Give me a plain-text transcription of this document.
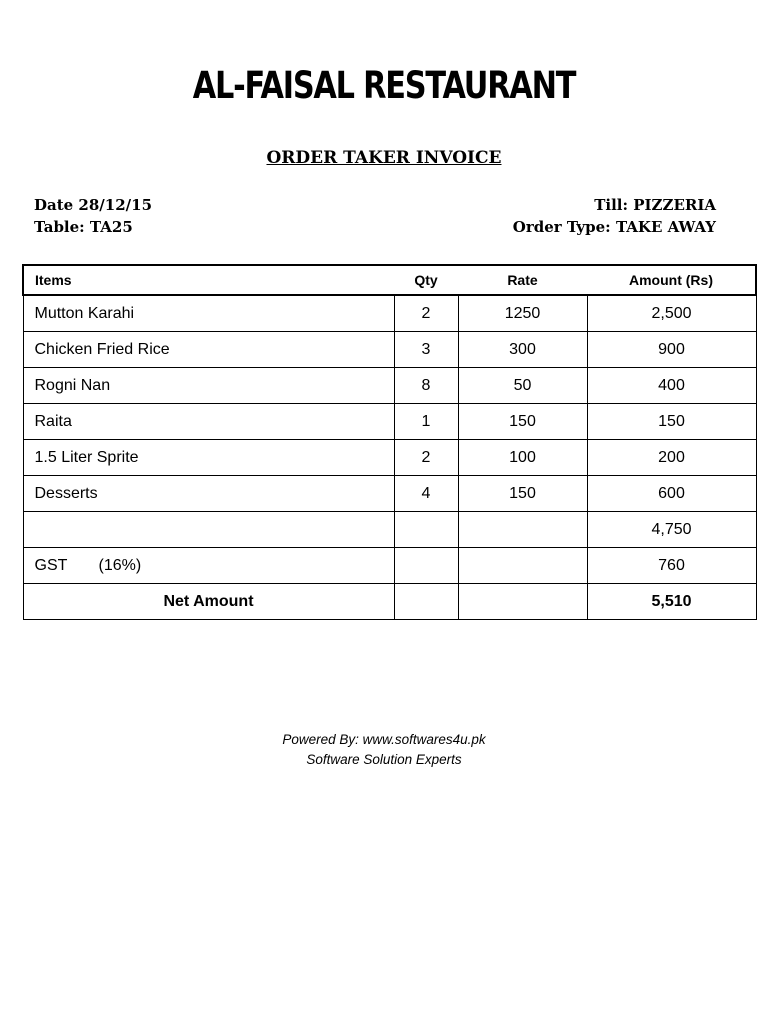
AL-FAISAL RESTAURANT
ORDER TAKER INVOICE
Date 28/12/15
Table: TA25
Till: PIZZERIA
Order Type: TAKE AWAY
Items	Qty	Rate	Amount (Rs)
Mutton Karahi	2	1250	2,500
Chicken Fried Rice	3	300	900
Rogni Nan	8	50	400
Raita	1	150	150
1.5 Liter Sprite	2	100	200
Desserts	4	150	600
			4,750
GST (16%)			760
Net Amount			5,510
Powered By: www.softwares4u.pk
Software Solution Experts
